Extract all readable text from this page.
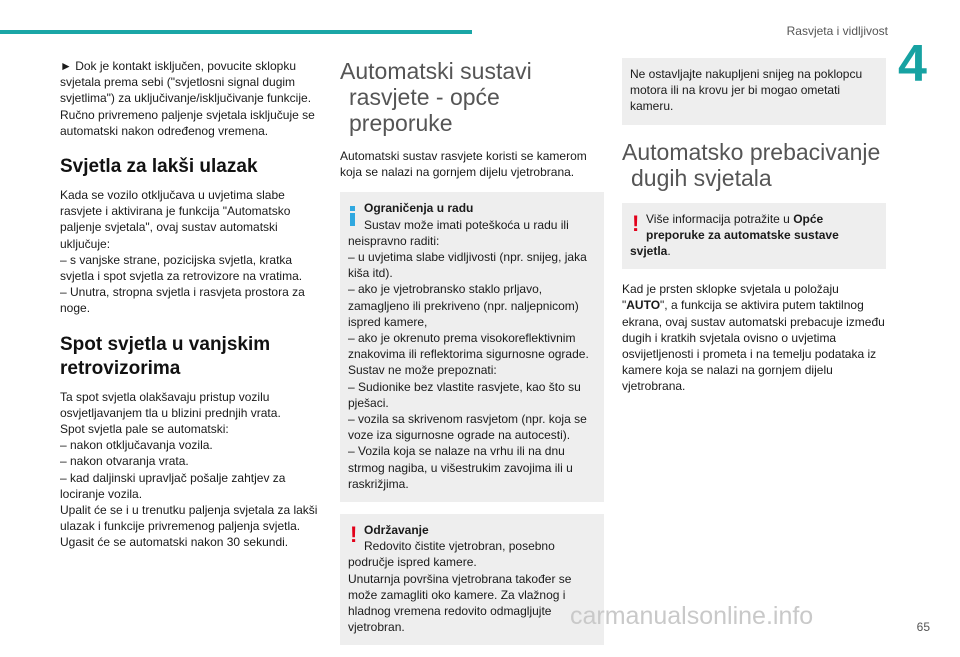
Rasvjeta i vidljivost
4

► Dok je kontakt isključen, povucite sklopku svjetala prema sebi ("svjetlosni signal dugim svjetlima") za uključivanje/isključivanje funkcije.
Ručno privremeno paljenje svjetala isključuje se automatski nakon određenog vremena.

Svjetla za lakši ulazak

Kada se vozilo otključava u uvjetima slabe rasvjete i aktivirana je funkcija "Automatsko paljenje svjetala", ovaj sustav automatski uključuje:
– s vanjske strane, pozicijska svjetla, kratka svjetla i spot svjetla za retrovizore na vratima.
– Unutra, stropna svjetla i rasvjeta prostora za noge.

Spot svjetla u vanjskim retrovizorima

Ta spot svjetla olakšavaju pristup vozilu osvjetljavanjem tla u blizini prednjih vrata.
Spot svjetla pale se automatski:
– nakon otključavanja vozila.
– nakon otvaranja vrata.
– kad daljinski upravljač pošalje zahtjev za lociranje vozila.
Upalit će se i u trenutku paljenja svjetala za lakši ulazak i funkcije privremenog paljenja svjetla.
Ugasit će se automatski nakon 30 sekundi.

Automatski sustavi
rasvjete - opće preporuke

Automatski sustav rasvjete koristi se kamerom koja se nalazi na gornjem dijelu vjetrobrana.

Ograničenja u radu
Sustav može imati poteškoća u radu ili
neispravno raditi:
– u uvjetima slabe vidljivosti (npr. snijeg, jaka kiša itd).
– ako je vjetrobransko staklo prljavo, zamagljeno ili prekriveno (npr. naljepnicom) ispred kamere,
– ako je okrenuto prema visokoreflektivnim znakovima ili reflektorima sigurnosne ograde.
Sustav ne može prepoznati:
– Sudionike bez vlastite rasvjete, kao što su pješaci.
– vozila sa skrivenom rasvjetom (npr. koja se voze iza sigurnosne ograde na autocesti).
– Vozila koja se nalaze na vrhu ili na dnu strmog nagiba, u višestrukim zavojima ili u raskrižjima.
! Održavanje
Redovito čistite vjetrobran, posebno
područje ispred kamere.
Unutarnja površina vjetrobrana također se može zamagliti oko kamere. Za vlažnog i hladnog vremena redovito odmagljujte vjetrobran.

Ne ostavljajte nakupljeni snijeg na poklopcu motora ili na krovu jer bi mogao ometati kameru.

Automatsko prebacivanje
dugih svjetala
! Više informacija potražite u Opće preporuke za automatske sustave

svjetla.

Kad je prsten sklopke svjetala u položaju "AUTO", a funkcija se aktivira putem taktilnog ekrana, ovaj sustav automatski prebacuje između dugih i kratkih svjetala ovisno o uvjetima osvijetljenosti i prometa i na temelju podataka iz kamere koja se nalazi na gornjem dijelu vjetrobrana.

carmanualsonline.info	65
